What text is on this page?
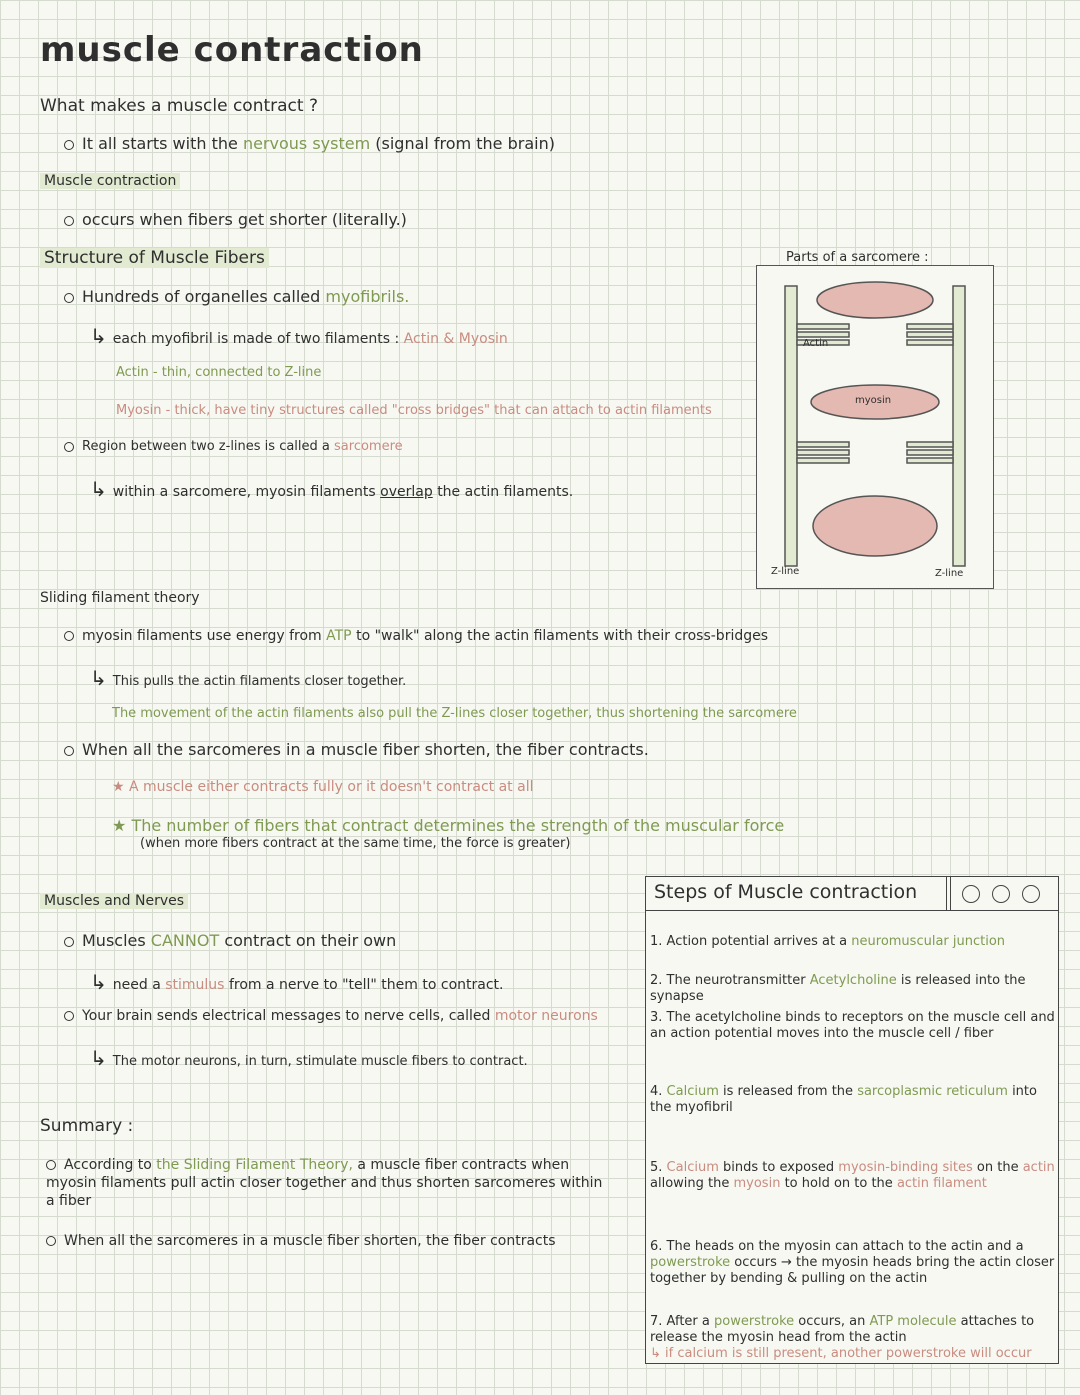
muscle contraction
What makes a muscle contract ?
It all starts with the nervous system (signal from the brain)
Muscle contraction
occurs when fibers get shorter (literally.)
Structure of Muscle Fibers
Hundreds of organelles called myofibrils.
↳ each myofibril is made of two filaments : Actin & Myosin
Actin - thin, connected to Z-line
Myosin - thick, have tiny structures called "cross bridges" that can attach to actin filaments
Region between two z-lines is called a sarcomere
↳ within a sarcomere, myosin filaments overlap the actin filaments.
Parts of a sarcomere :
Actin
myosin
Z-line	Z-line
Sliding filament theory
myosin filaments use energy from ATP to "walk" along the actin filaments with their cross-bridges
↳ This pulls the actin filaments closer together.
The movement of the actin filaments also pull the Z-lines closer together, thus shortening the sarcomere
When all the sarcomeres in a muscle fiber shorten, the fiber contracts.
★ A muscle either contracts fully or it doesn't contract at all
★ The number of fibers that contract determines the strength of the muscular force
(when more fibers contract at the same time, the force is greater)
Muscles and Nerves
Muscles CANNOT contract on their own
↳ need a stimulus from a nerve to "tell" them to contract.
Your brain sends electrical messages to nerve cells, called motor neurons
↳ The motor neurons, in turn, stimulate muscle fibers to contract.
Summary :
According to the Sliding Filament Theory, a muscle fiber contracts when myosin filaments pull actin closer together and thus shorten sarcomeres within a fiber
When all the sarcomeres in a muscle fiber shorten, the fiber contracts
Steps of Muscle contraction
1. Action potential arrives at a neuromuscular junction
2. The neurotransmitter Acetylcholine is released into the synapse
3. The acetylcholine binds to receptors on the muscle cell and an action potential moves into the muscle cell / fiber
4. Calcium is released from the sarcoplasmic reticulum into the myofibril
5. Calcium binds to exposed myosin-binding sites on the actin allowing the myosin to hold on to the actin filament
6. The heads on the myosin can attach to the actin and a powerstroke occurs → the myosin heads bring the actin closer together by bending & pulling on the actin
7. After a powerstroke occurs, an ATP molecule attaches to release the myosin head from the actin
↳ if calcium is still present, another powerstroke will occur
